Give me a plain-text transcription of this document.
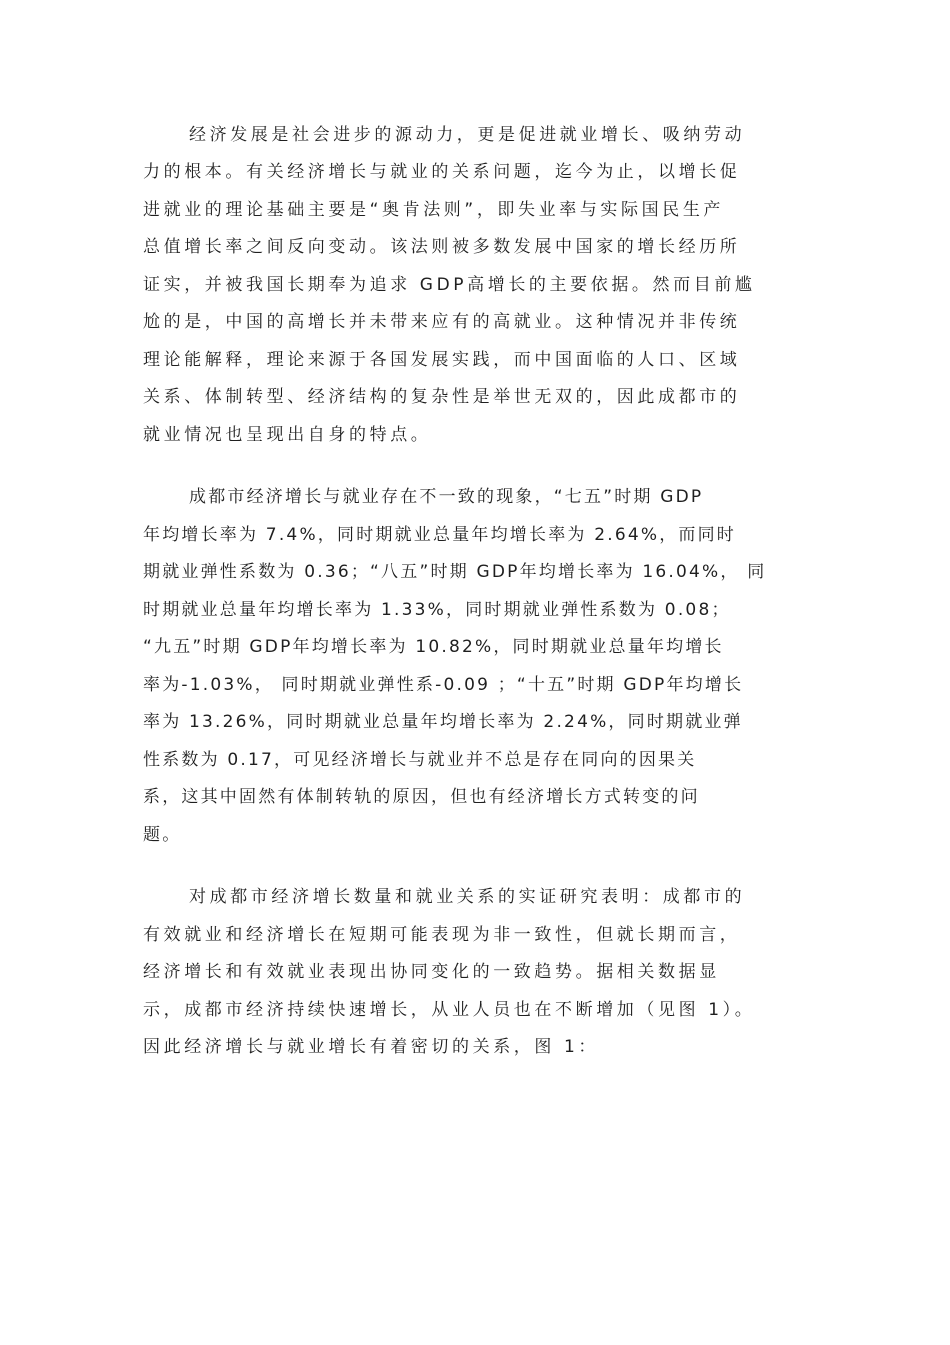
经济发展是社会进步的源动力，更是促进就业增长、吸纳劳动
力的根本。有关经济增长与就业的关系问题，迄今为止，以增长促
进就业的理论基础主要是“奥肯法则”，即失业率与实际国民生产
总值增长率之间反向变动。该法则被多数发展中国家的增长经历所
证实，并被我国长期奉为追求 GDP高增长的主要依据。然而目前尴
尬的是，中国的高增长并未带来应有的高就业。这种情况并非传统
理论能解释，理论来源于各国发展实践，而中国面临的人口、区域
关系、体制转型、经济结构的复杂性是举世无双的，因此成都市的
就业情况也呈现出自身的特点。
成都市经济增长与就业存在不一致的现象，“七五”时期 GDP
年均增长率为 7.4%，同时期就业总量年均增长率为 2.64%，而同时
期就业弹性系数为 0.36；“八五”时期 GDP年均增长率为 16.04%， 同
时期就业总量年均增长率为 1.33%，同时期就业弹性系数为 0.08；
“九五”时期 GDP年均增长率为 10.82%，同时期就业总量年均增长
率为-1.03%， 同时期就业弹性系-0.09 ；“十五”时期 GDP年均增长
率为 13.26%，同时期就业总量年均增长率为 2.24%，同时期就业弹
性系数为 0.17，可见经济增长与就业并不总是存在同向的因果关
系，这其中固然有体制转轨的原因，但也有经济增长方式转变的问
题。
对成都市经济增长数量和就业关系的实证研究表明：成都市的
有效就业和经济增长在短期可能表现为非一致性，但就长期而言，
经济增长和有效就业表现出协同变化的一致趋势。据相关数据显
示，成都市经济持续快速增长，从业人员也在不断增加（见图 1）。
因此经济增长与就业增长有着密切的关系，图 1：
